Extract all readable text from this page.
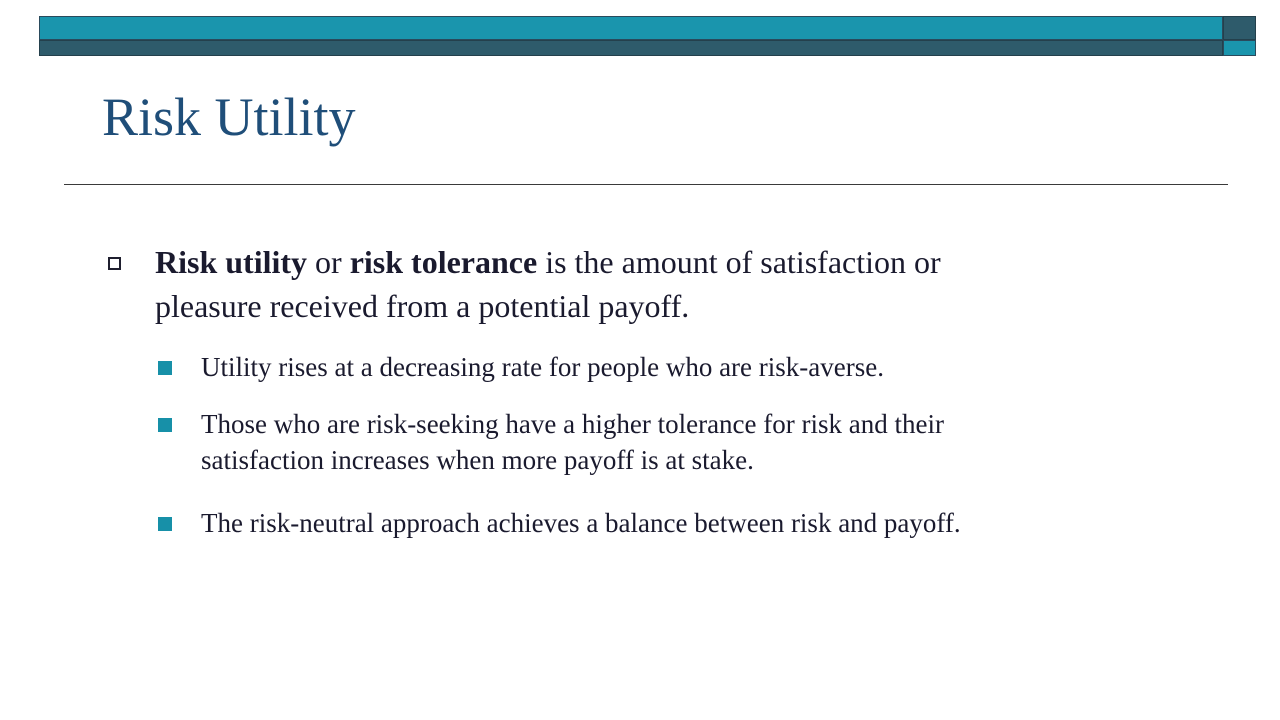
Risk Utility
Risk utility or risk tolerance is the amount of satisfaction or pleasure received from a potential payoff.
Utility rises at a decreasing rate for people who are risk-averse.
Those who are risk-seeking have a higher tolerance for risk and their satisfaction increases when more payoff is at stake.
The risk-neutral approach achieves a balance between risk and payoff.
